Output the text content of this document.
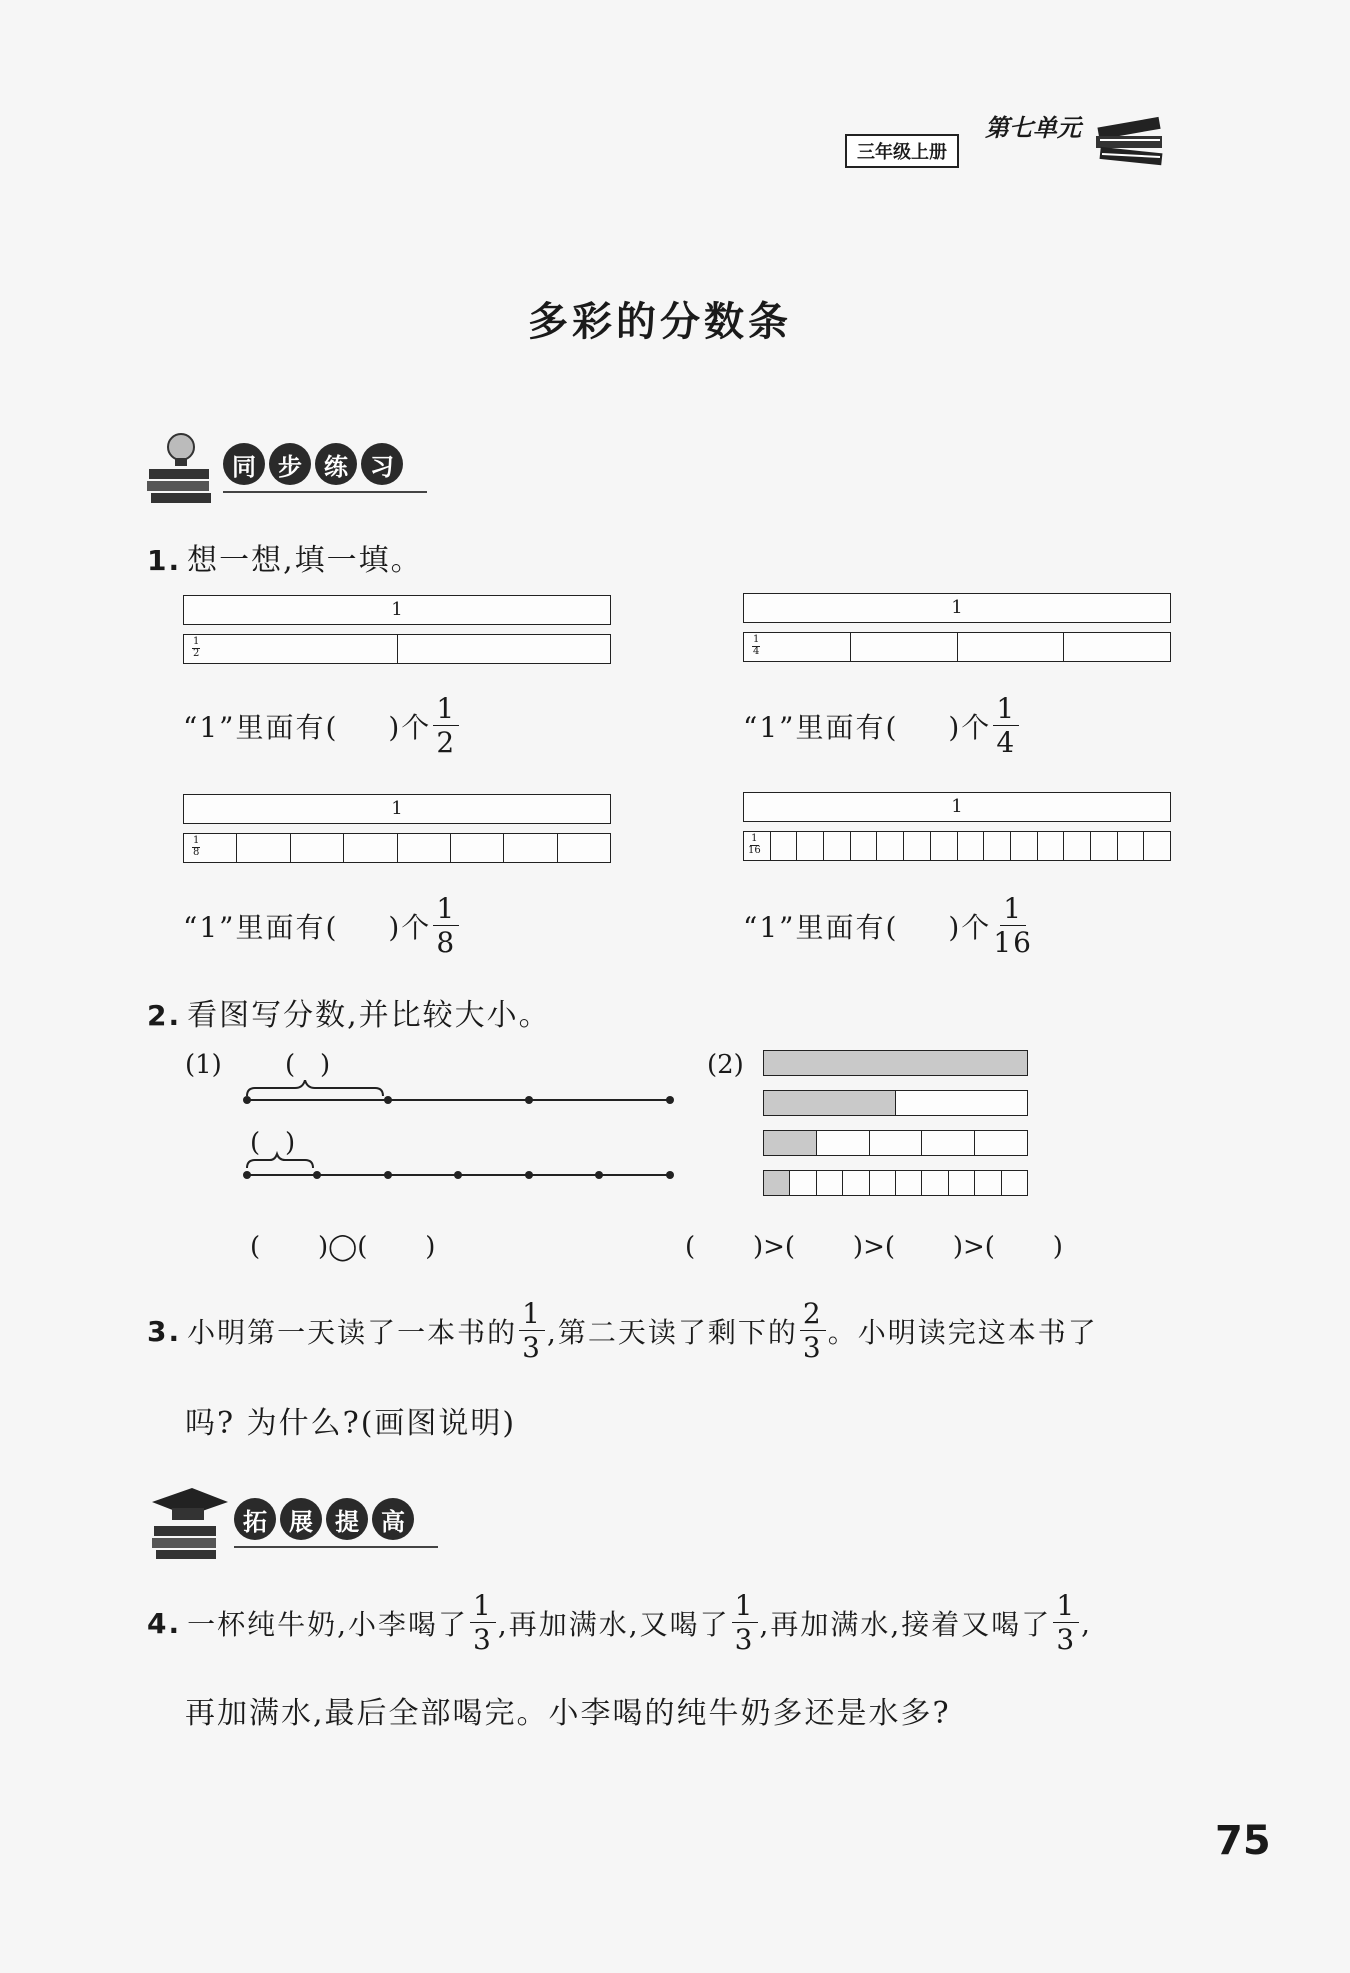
三年级上册
第七单元
多彩的分数条
同 步 练 习
1. 想一想,填一填。
1
1
2
“1”里面有( )个 $\frac{1}{2}$
1
1
4
“1”里面有( )个 $\frac{1}{4}$
1
1
8
“1”里面有( )个 $\frac{1}{8}$
1
1
16
“1”里面有( )个 $\frac{1}{16}$
2. 看图写分数,并比较大小。
(1)	(2)
(   )
(   )
(       )◯(       )	(       )>(       )>(       )>(       )
3. 小明第一天读了一本书的 $\frac{1}{3}$ ,第二天读了剩下的 $\frac{2}{3}$ 。小明读完这本书了
吗? 为什么?(画图说明)
拓 展 提 高
4. 一杯纯牛奶,小李喝了 $\frac{1}{3}$ ,再加满水,又喝了 $\frac{1}{3}$ ,再加满水,接着又喝了 $\frac{1}{3}$ ,
再加满水,最后全部喝完。小李喝的纯牛奶多还是水多?
75
